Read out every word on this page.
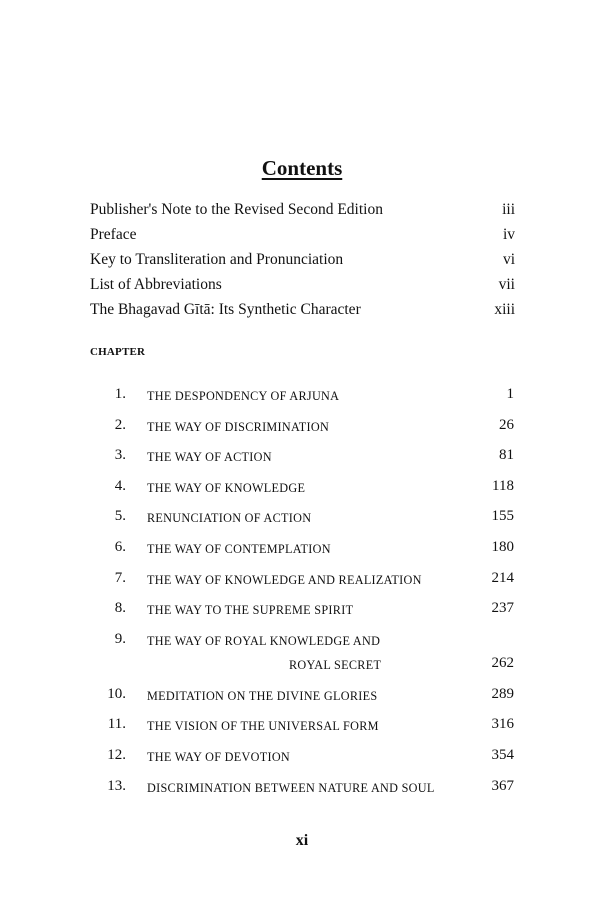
Contents
Publisher's Note to the Revised Second Edition	iii
Preface	iv
Key to Transliteration and Pronunciation	vi
List of Abbreviations	vii
The Bhagavad Gītā: Its Synthetic Character	xiii
CHAPTER
1. THE DESPONDENCY OF ARJUNA	1
2. THE WAY OF DISCRIMINATION	26
3. THE WAY OF ACTION	81
4. THE WAY OF KNOWLEDGE	118
5. RENUNCIATION OF ACTION	155
6. THE WAY OF CONTEMPLATION	180
7. THE WAY OF KNOWLEDGE AND REALIZATION	214
8. THE WAY TO THE SUPREME SPIRIT	237
9. THE WAY OF ROYAL KNOWLEDGE AND
ROYAL SECRET	262
10. MEDITATION ON THE DIVINE GLORIES	289
11. THE VISION OF THE UNIVERSAL FORM	316
12. THE WAY OF DEVOTION	354
13. DISCRIMINATION BETWEEN NATURE AND SOUL	367
xi
